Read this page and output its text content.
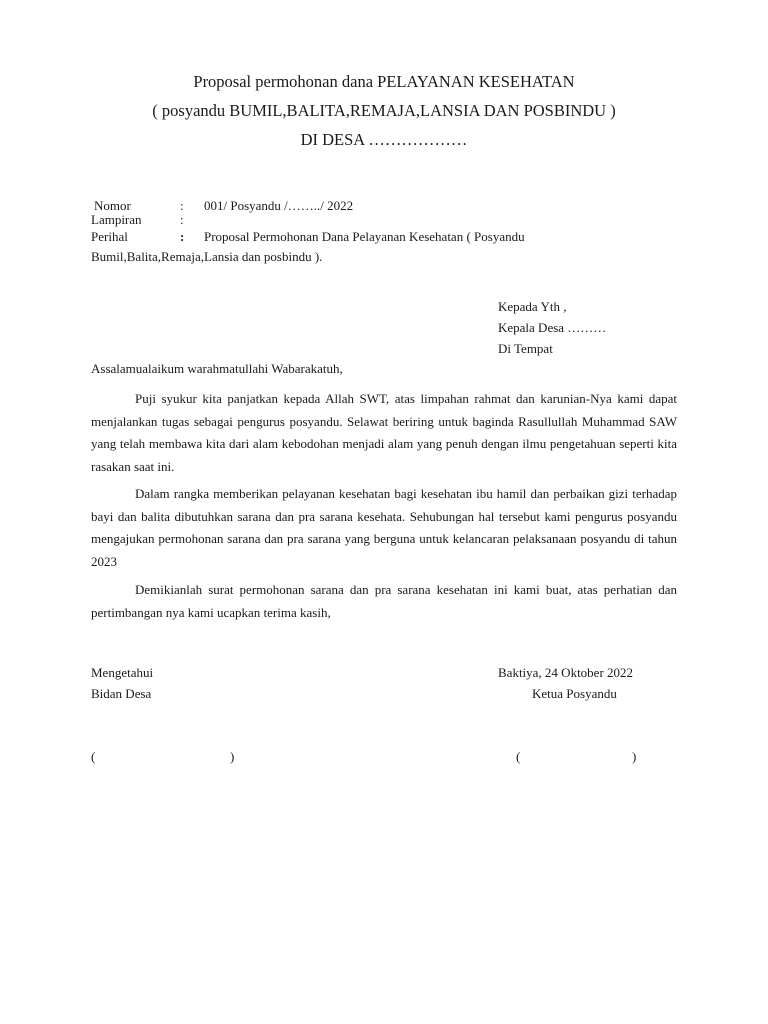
Proposal permohonan dana PELAYANAN KESEHATAN
( posyandu BUMIL,BALITA,REMAJA,LANSIA DAN POSBINDU )
DI DESA ………………
Nomor	: 001/ Posyandu /……../ 2022
Lampiran	:
Perihal	: Proposal Permohonan Dana Pelayanan Kesehatan ( Posyandu
Bumil,Balita,Remaja,Lansia dan posbindu ).
Kepada Yth ,
Kepala Desa ………
Di Tempat
Assalamualaikum warahmatullahi Wabarakatuh,

Puji syukur kita panjatkan kepada Allah SWT, atas limpahan rahmat dan karunian-Nya kami dapat menjalankan tugas sebagai pengurus posyandu. Selawat beriring untuk baginda Rasullullah Muhammad SAW yang telah membawa kita dari alam kebodohan menjadi alam yang penuh dengan ilmu pengetahuan seperti kita rasakan saat ini.

Dalam rangka memberikan pelayanan kesehatan bagi kesehatan ibu hamil dan perbaikan gizi terhadap bayi dan balita dibutuhkan sarana dan pra sarana kesehata. Sehubungan hal tersebut kami pengurus posyandu mengajukan permohonan sarana dan pra sarana yang berguna untuk kelancaran pelaksanaan posyandu di tahun 2023

Demikianlah surat permohonan sarana dan pra sarana kesehatan ini kami buat, atas perhatian dan pertimbangan nya kami ucapkan terima kasih,

Mengetahui
Bidan Desa
Baktiya, 24 Oktober 2022
Ketua Posyandu
(	)	(	)
